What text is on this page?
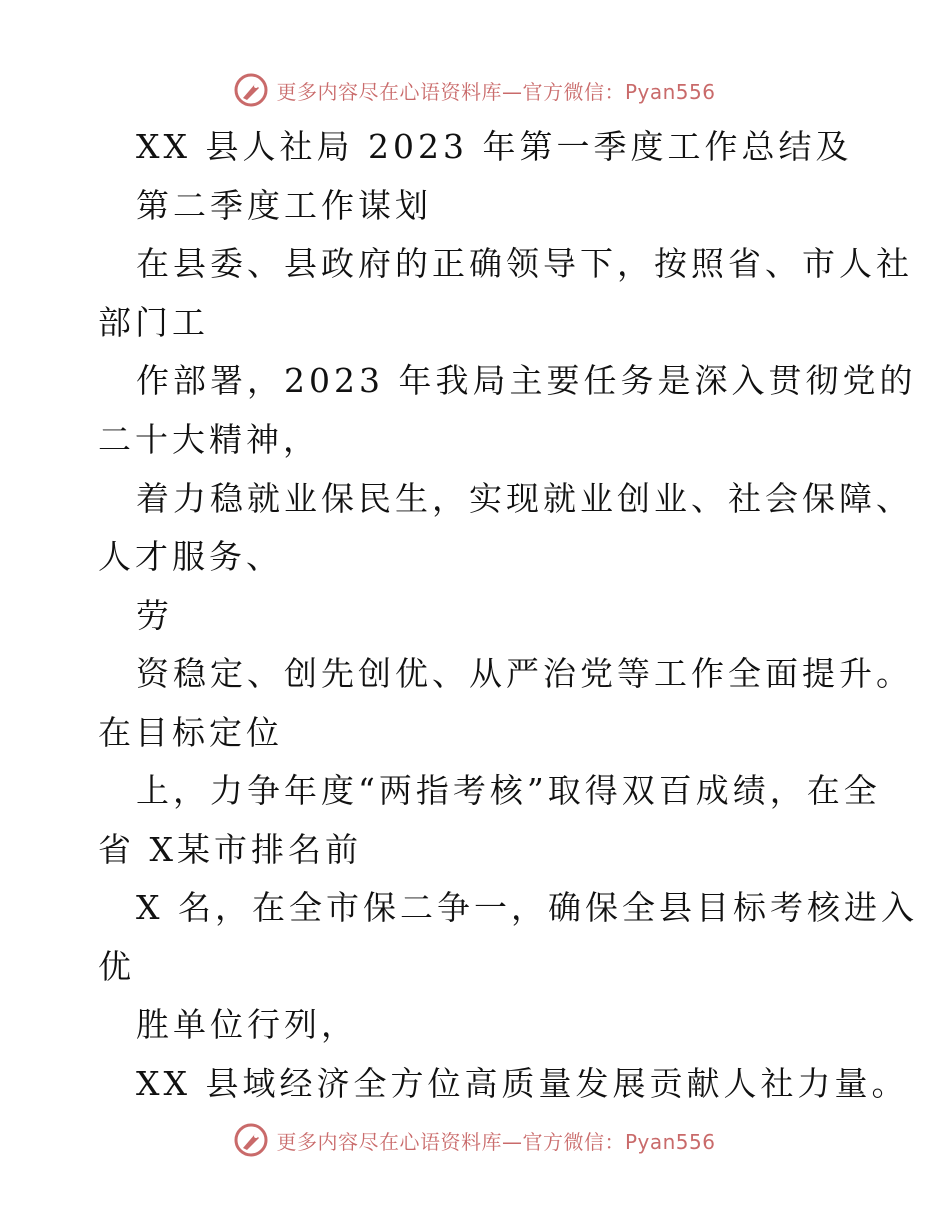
更多内容尽在心语资料库—官方微信：Pyan556
XX 县人社局 2023 年第一季度工作总结及
第二季度工作谋划
在县委、县政府的正确领导下，按照省、市人社
部门工
作部署，2023 年我局主要任务是深入贯彻党的
二十大精神，
着力稳就业保民生，实现就业创业、社会保障、
人才服务、
劳
资稳定、创先创优、从严治党等工作全面提升。
在目标定位
上，力争年度“两指考核”取得双百成绩，在全
省 X某市排名前
X 名，在全市保二争一，确保全县目标考核进入
优
胜单位行列，
XX 县域经济全方位高质量发展贡献人社力量。
更多内容尽在心语资料库—官方微信：Pyan556
